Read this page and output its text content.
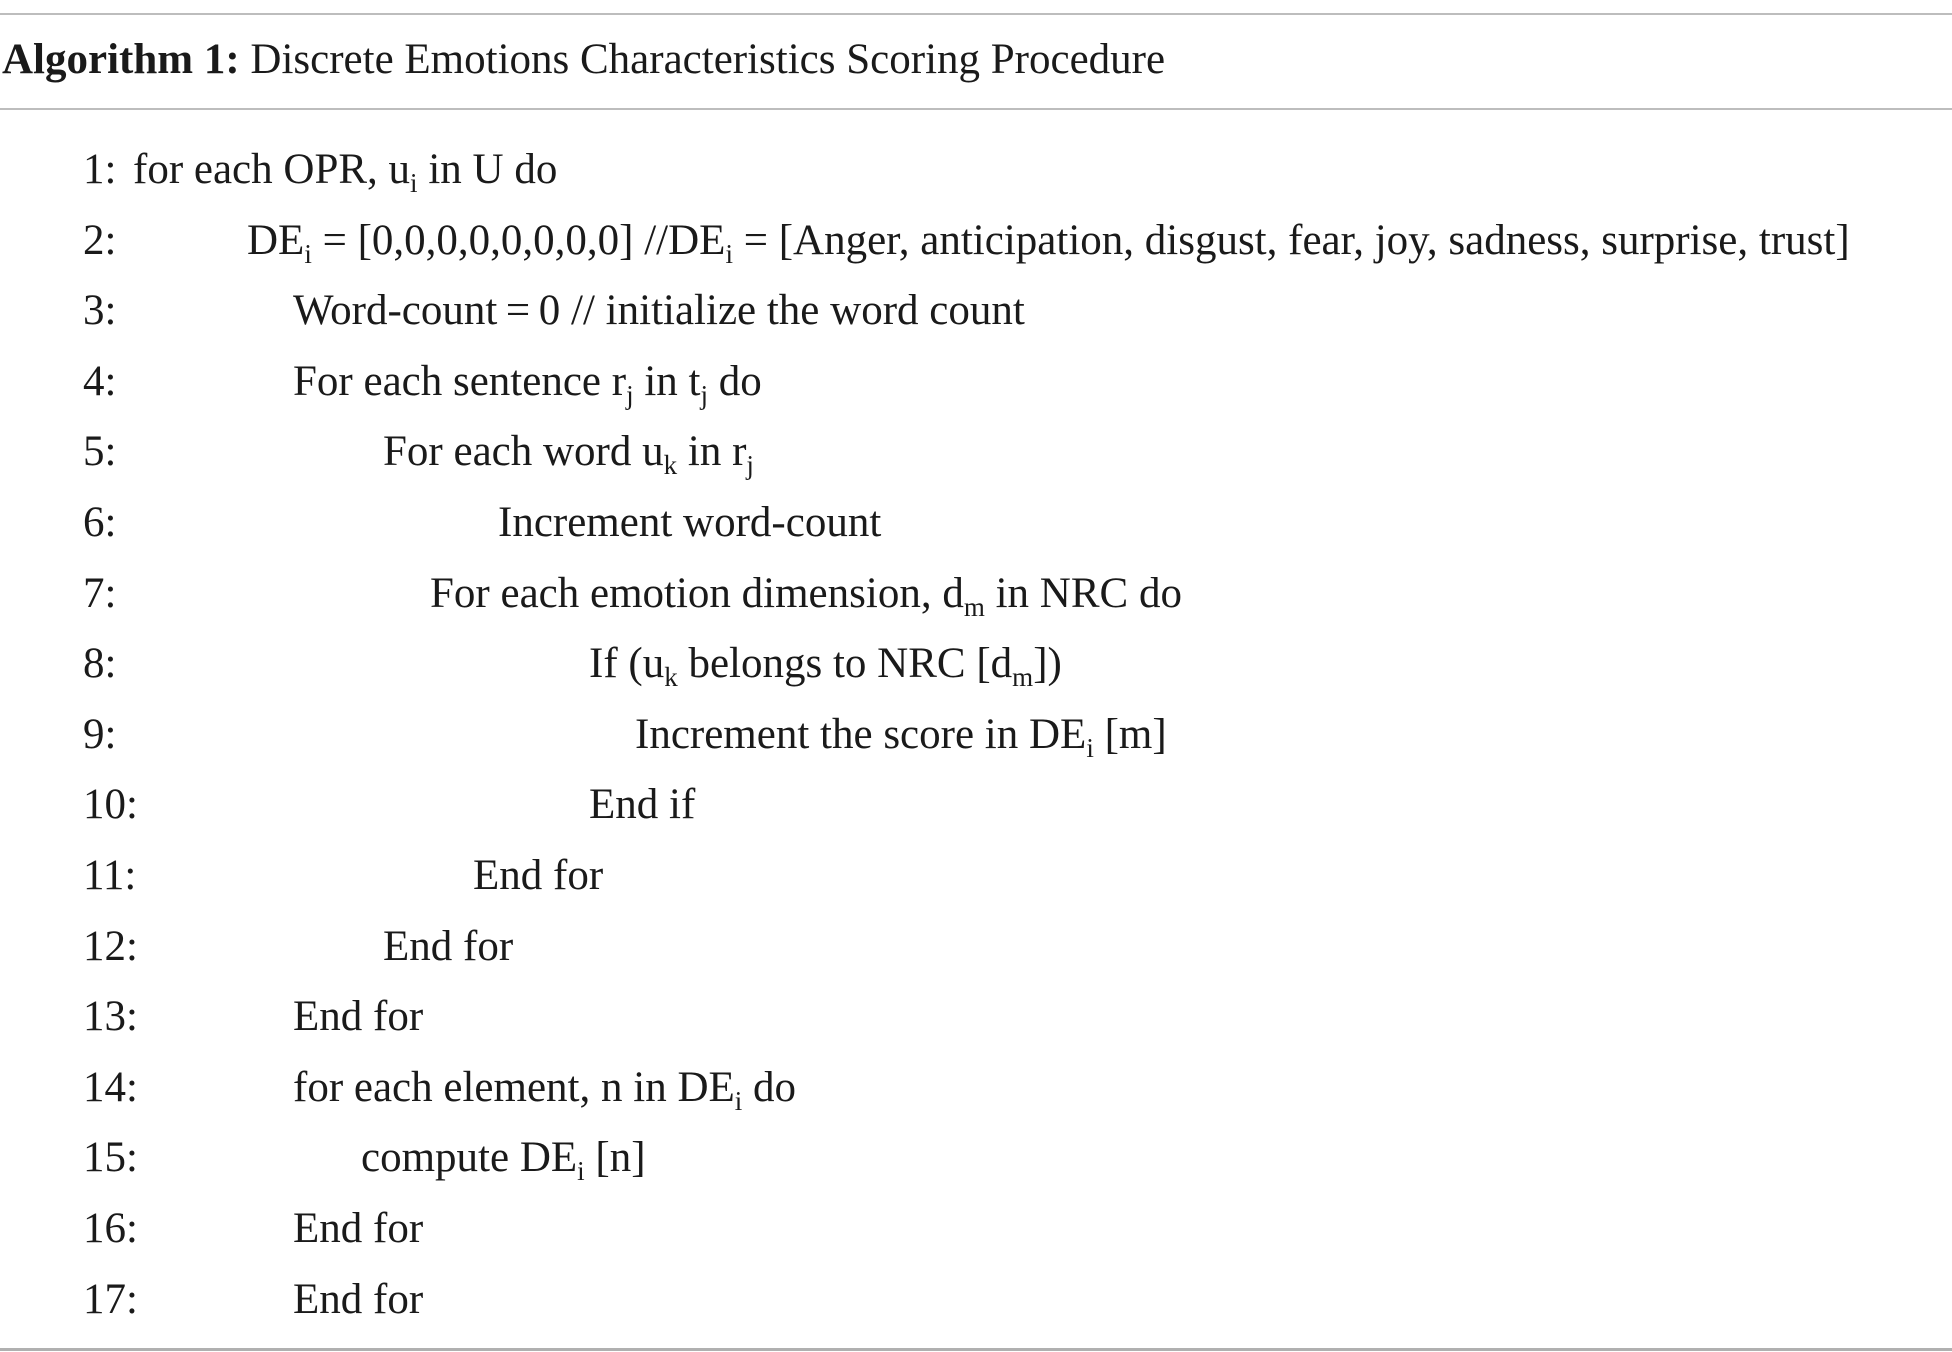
Algorithm 1: Discrete Emotions Characteristics Scoring Procedure
1: for each OPR, $u_i$ in U do
2:	$DE_i = [0,0,0,0,0,0,0,0] //DE_i$ = [Anger, anticipation, disgust, fear, joy, sadness, surprise, trust]
3:	Word-count = 0 // initialize the word count
4:	For each sentence $r_j$ in $t_j$ do
5:	For each word $u_k$ in $r_j$
6:	Increment word-count
7:	For each emotion dimension, $d_m$ in NRC do
8:	If ($u_k$ belongs to NRC $[d_m]$)
9:	Increment the score in $DE_i$ [m]
10:	End if
11:	End for
12:	End for
13:	End for
14:	for each element, n in $DE_i$ do
15:	compute $DE_i$ [n]
16:	End for
17:	End for
